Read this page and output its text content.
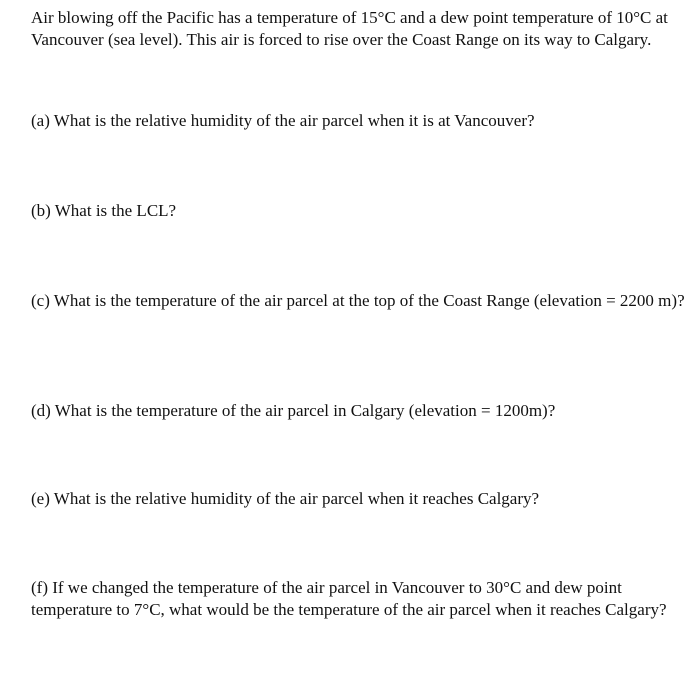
Air blowing off the Pacific has a temperature of 15°C and a dew point temperature of 10°C at Vancouver (sea level). This air is forced to rise over the Coast Range on its way to Calgary.

(a) What is the relative humidity of the air parcel when it is at Vancouver?

(b) What is the LCL?

(c) What is the temperature of the air parcel at the top of the Coast Range (elevation = 2200 m)?

(d) What is the temperature of the air parcel in Calgary (elevation = 1200m)?

(e) What is the relative humidity of the air parcel when it reaches Calgary?

(f) If we changed the temperature of the air parcel in Vancouver to 30°C and dew point temperature to 7°C, what would be the temperature of the air parcel when it reaches Calgary?
